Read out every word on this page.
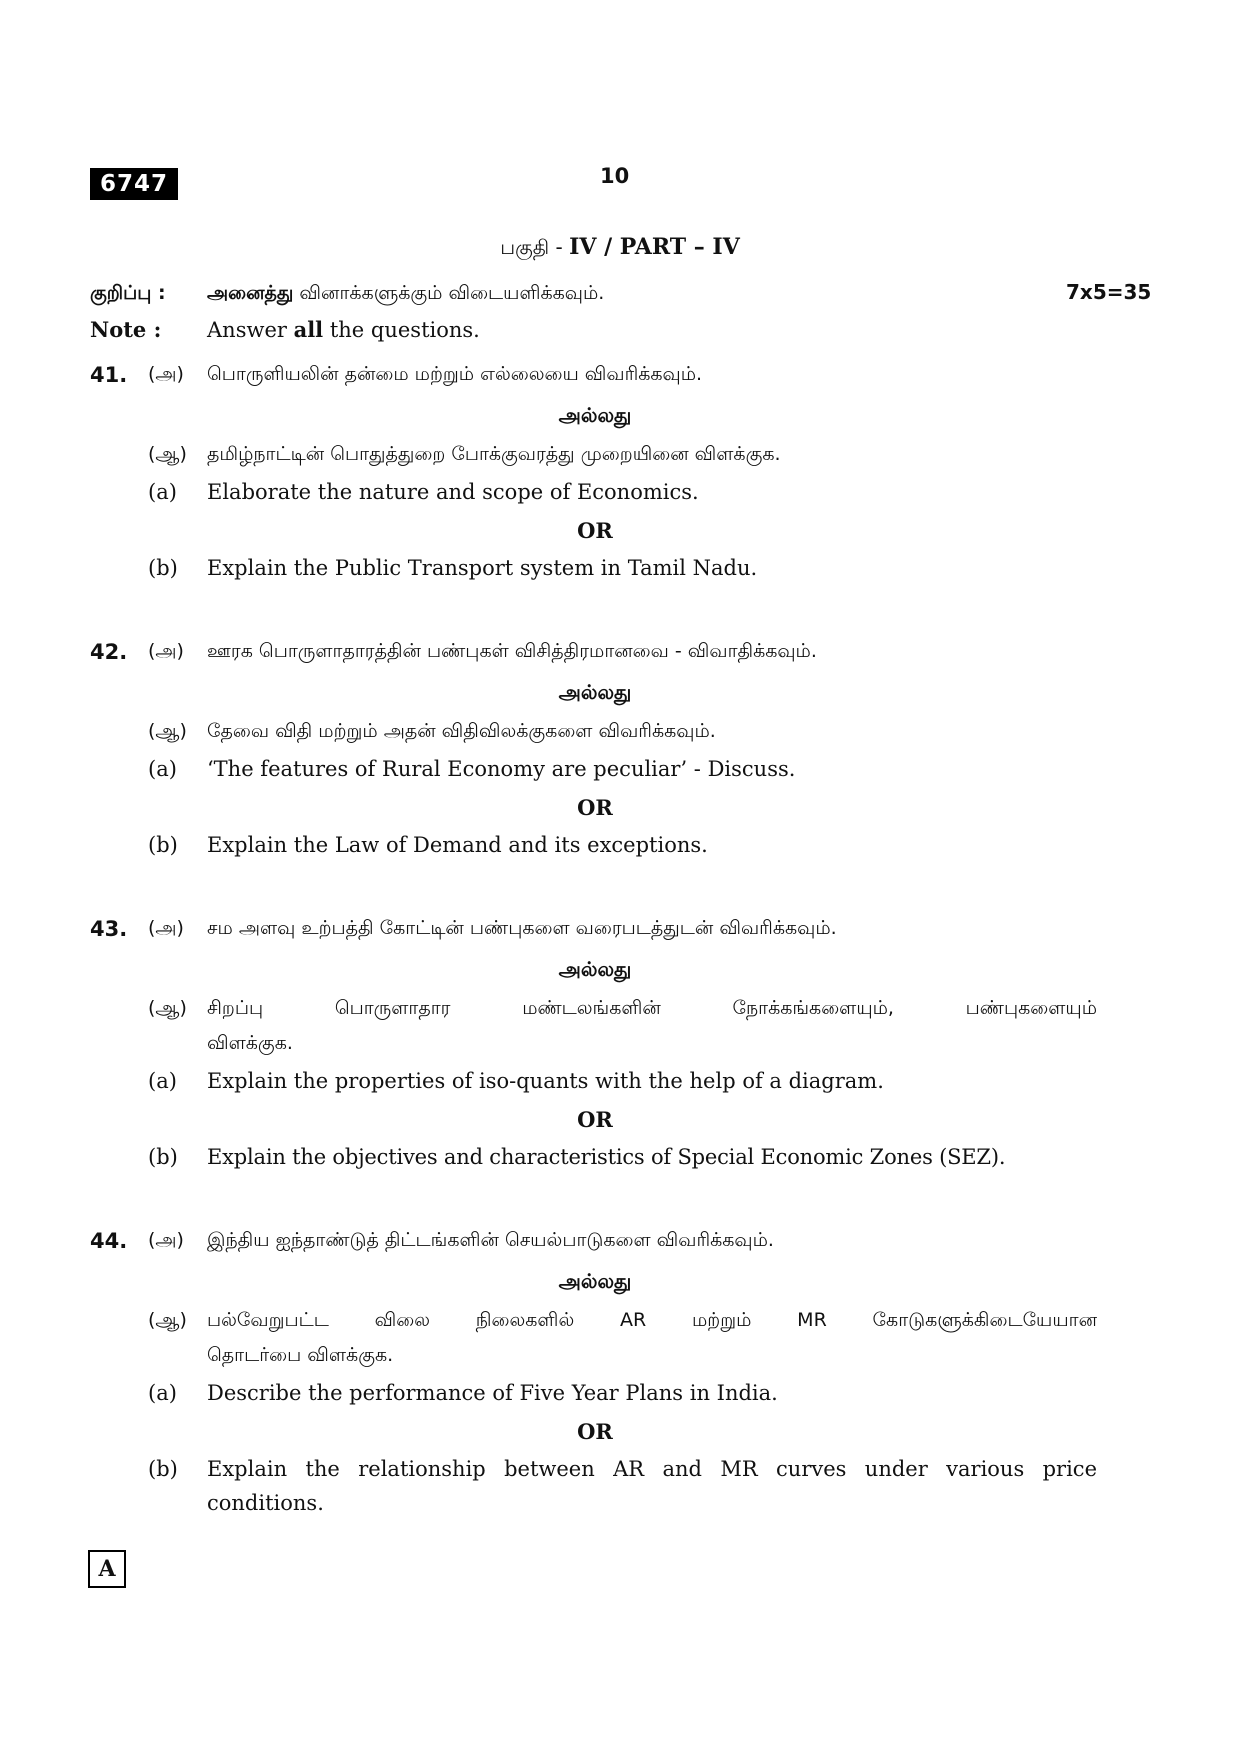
6747	10
பகுதி - IV / PART – IV
குறிப்பு : அனைத்து வினாக்களுக்கும் விடையளிக்கவும்.	7x5=35
Note : Answer all the questions.
41. (அ) பொருளியலின் தன்மை மற்றும் எல்லையை விவரிக்கவும்.
அல்லது
(ஆ) தமிழ்நாட்டின் பொதுத்துறை போக்குவரத்து முறையினை விளக்குக.
(a) Elaborate the nature and scope of Economics.
OR
(b) Explain the Public Transport system in Tamil Nadu.
42. (அ) ஊரக பொருளாதாரத்தின் பண்புகள் விசித்திரமானவை - விவாதிக்கவும்.
அல்லது
(ஆ) தேவை விதி மற்றும் அதன் விதிவிலக்குகளை விவரிக்கவும்.
(a) ‘The features of Rural Economy are peculiar’ - Discuss.
OR
(b) Explain the Law of Demand and its exceptions.
43. (அ) சம அளவு உற்பத்தி கோட்டின் பண்புகளை வரைபடத்துடன் விவரிக்கவும்.
அல்லது
(ஆ) சிறப்பு பொருளாதார மண்டலங்களின் நோக்கங்களையும், பண்புகளையும்
விளக்குக.
(a) Explain the properties of iso-quants with the help of a diagram.
OR
(b) Explain the objectives and characteristics of Special Economic Zones (SEZ).
44. (அ) இந்திய ஐந்தாண்டுத் திட்டங்களின் செயல்பாடுகளை விவரிக்கவும்.
அல்லது
(ஆ) பல்வேறுபட்ட விலை நிலைகளில் AR மற்றும் MR கோடுகளுக்கிடையேயான
தொடர்பை விளக்குக.
(a) Describe the performance of Five Year Plans in India.
OR
(b) Explain the relationship between AR and MR curves under various price
conditions.
A
